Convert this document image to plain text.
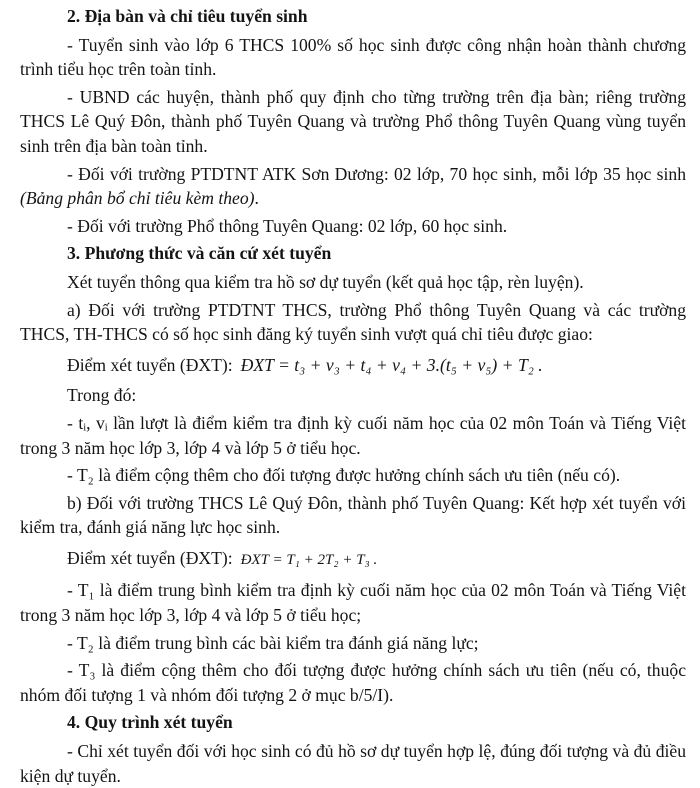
2. Địa bàn và chỉ tiêu tuyển sinh

- Tuyển sinh vào lớp 6 THCS 100% số học sinh được công nhận hoàn thành chương trình tiểu học trên toàn tỉnh.

- UBND các huyện, thành phố quy định cho từng trường trên địa bàn; riêng trường THCS Lê Quý Đôn, thành phố Tuyên Quang và trường Phổ thông Tuyên Quang vùng tuyển sinh trên địa bàn toàn tỉnh.

- Đối với trường PTDTNT ATK Sơn Dương: 02 lớp, 70 học sinh, mỗi lớp 35 học sinh (Bảng phân bổ chỉ tiêu kèm theo).

- Đối với trường Phổ thông Tuyên Quang: 02 lớp, 60 học sinh.

3. Phương thức và căn cứ xét tuyển

Xét tuyển thông qua kiểm tra hồ sơ dự tuyển (kết quả học tập, rèn luyện).

a) Đối với trường PTDTNT THCS, trường Phổ thông Tuyên Quang và các trường THCS, TH-THCS có số học sinh đăng ký tuyển sinh vượt quá chỉ tiêu được giao:

Điểm xét tuyển (ĐXT): ĐXT = t₃ + v₃ + t₄ + v₄ + 3.(t₅ + v₅) + T₂ .

Trong đó:

- tᵢ, vᵢ lần lượt là điểm kiểm tra định kỳ cuối năm học của 02 môn Toán và Tiếng Việt trong 3 năm học lớp 3, lớp 4 và lớp 5 ở tiểu học.

- T₂ là điểm cộng thêm cho đối tượng được hưởng chính sách ưu tiên (nếu có).

b) Đối với trường THCS Lê Quý Đôn, thành phố Tuyên Quang: Kết hợp xét tuyển với kiểm tra, đánh giá năng lực học sinh.

Điểm xét tuyển (ĐXT): ĐXT = T₁ + 2T₂ + T₃ .

- T₁ là điểm trung bình kiểm tra định kỳ cuối năm học của 02 môn Toán và Tiếng Việt trong 3 năm học lớp 3, lớp 4 và lớp 5 ở tiểu học;

- T₂ là điểm trung bình các bài kiểm tra đánh giá năng lực;

- T₃ là điểm cộng thêm cho đối tượng được hưởng chính sách ưu tiên (nếu có, thuộc nhóm đối tượng 1 và nhóm đối tượng 2 ở mục b/5/I).

4. Quy trình xét tuyển

- Chỉ xét tuyển đối với học sinh có đủ hồ sơ dự tuyển hợp lệ, đúng đối tượng và đủ điều kiện dự tuyển.
